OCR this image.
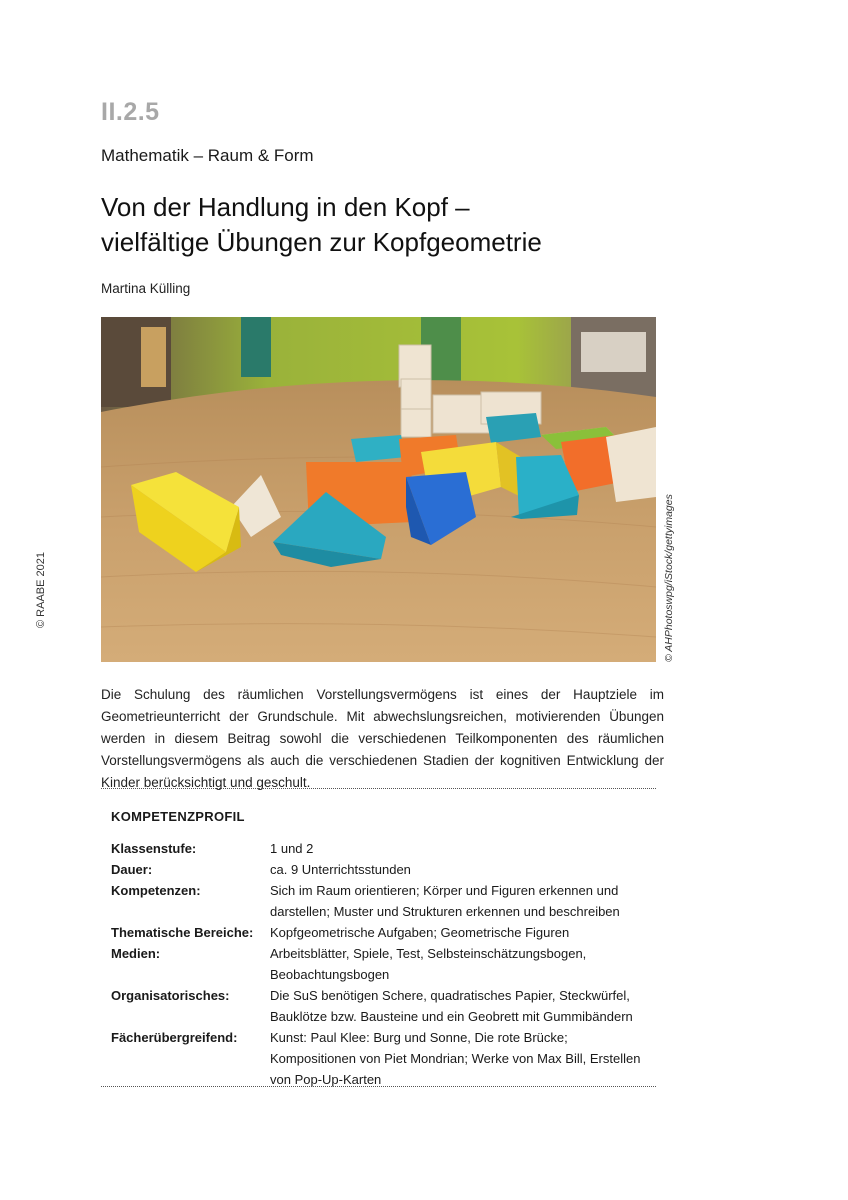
II.2.5
Mathematik – Raum & Form
Von der Handlung in den Kopf –
vielfältige Übungen zur Kopfgeometrie
Martina Külling
© RAABE 2021	© AHPhotoswpg/iStock/gettyimages
Die Schulung des räumlichen Vorstellungsvermögens ist eines der Hauptziele im Geometrieunterricht der Grundschule. Mit abwechslungsreichen, motivierenden Übungen werden in diesem Beitrag sowohl die verschiedenen Teilkomponenten des räumlichen Vorstellungsvermögens als auch die verschiedenen Stadien der kognitiven Entwicklung der Kinder berücksichtigt und geschult.
KOMPETENZPROFIL
Klassenstufe:	1 und 2
Dauer:	ca. 9 Unterrichtsstunden
Kompetenzen:	Sich im Raum orientieren; Körper und Figuren erkennen und darstellen; Muster und Strukturen erkennen und beschreiben
Thematische Bereiche:	Kopfgeometrische Aufgaben; Geometrische Figuren
Medien:	Arbeitsblätter, Spiele, Test, Selbsteinschätzungsbogen, Beobachtungsbogen
Organisatorisches:	Die SuS benötigen Schere, quadratisches Papier, Steckwürfel, Bauklötze bzw. Bausteine und ein Geobrett mit Gummibändern
Fächerübergreifend:	Kunst: Paul Klee: Burg und Sonne, Die rote Brücke; Kompositionen von Piet Mondrian; Werke von Max Bill, Erstellen von Pop-Up-Karten
